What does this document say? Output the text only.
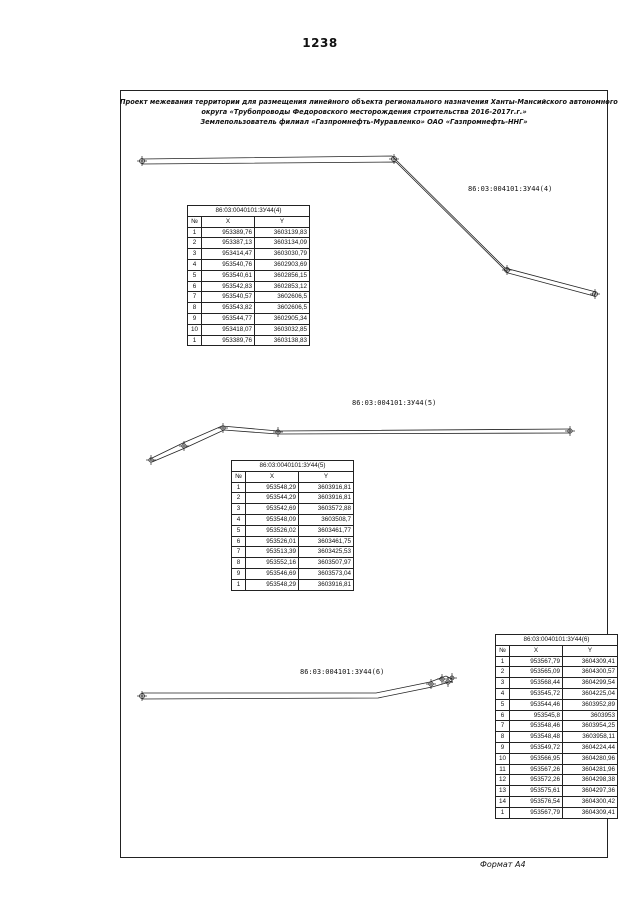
1238
Проект межевания территории для размещения линейного объекта регионального назначения Ханты-Мансийского автономного
округа «Трубопроводы Федоровского месторождения строительства 2016-2017г.г.»
Землепользователь филиал «Газпромнефть-Муравленко» ОАО «Газпромнефть-ННГ»
86:03:004101:3У44(4)
86:03:004101:3У44(5)
86:03:004101:3У44(6)
86:03:0040101:3У44(4)		
№	X	Y
1	953389,76	3603139,83
2	953387,13	3603134,09
3	953414,47	3603030,79
4	953540,76	3602903,69
5	953540,61	3602856,15
6	953542,83	3602853,12
7	953540,57	3602606,5
8	953543,82	3602606,5
9	953544,77	3602905,34
10	953418,07	3603032,85
1	953389,76	3603138,83
86:03:0040101:3У44(5)		
№	X	Y
1	953548,29	3603916,81
2	953544,29	3603916,81
3	953542,69	3603572,88
4	953548,09	3603508,7
5	953526,02	3603461,77
6	953526,01	3603461,75
7	953513,39	3603425,53
8	953552,16	3603507,97
9	953546,69	3603573,04
1	953548,29	3603916,81
86:03:0040101:3У44(6)		
№	X	Y
1	953567,79	3604309,41
2	953565,09	3604300,57
3	953568,44	3604299,54
4	953545,72	3604225,04
5	953544,46	3603952,89
6	953545,8	3603953
7	953548,46	3603954,25
8	953548,48	3603958,11
9	953549,72	3604224,44
10	953566,95	3604280,96
11	953567,26	3604281,96
12	953572,26	3604298,38
13	953575,61	3604297,36
14	953576,54	3604300,42
1	953567,79	3604309,41
Формат А4
